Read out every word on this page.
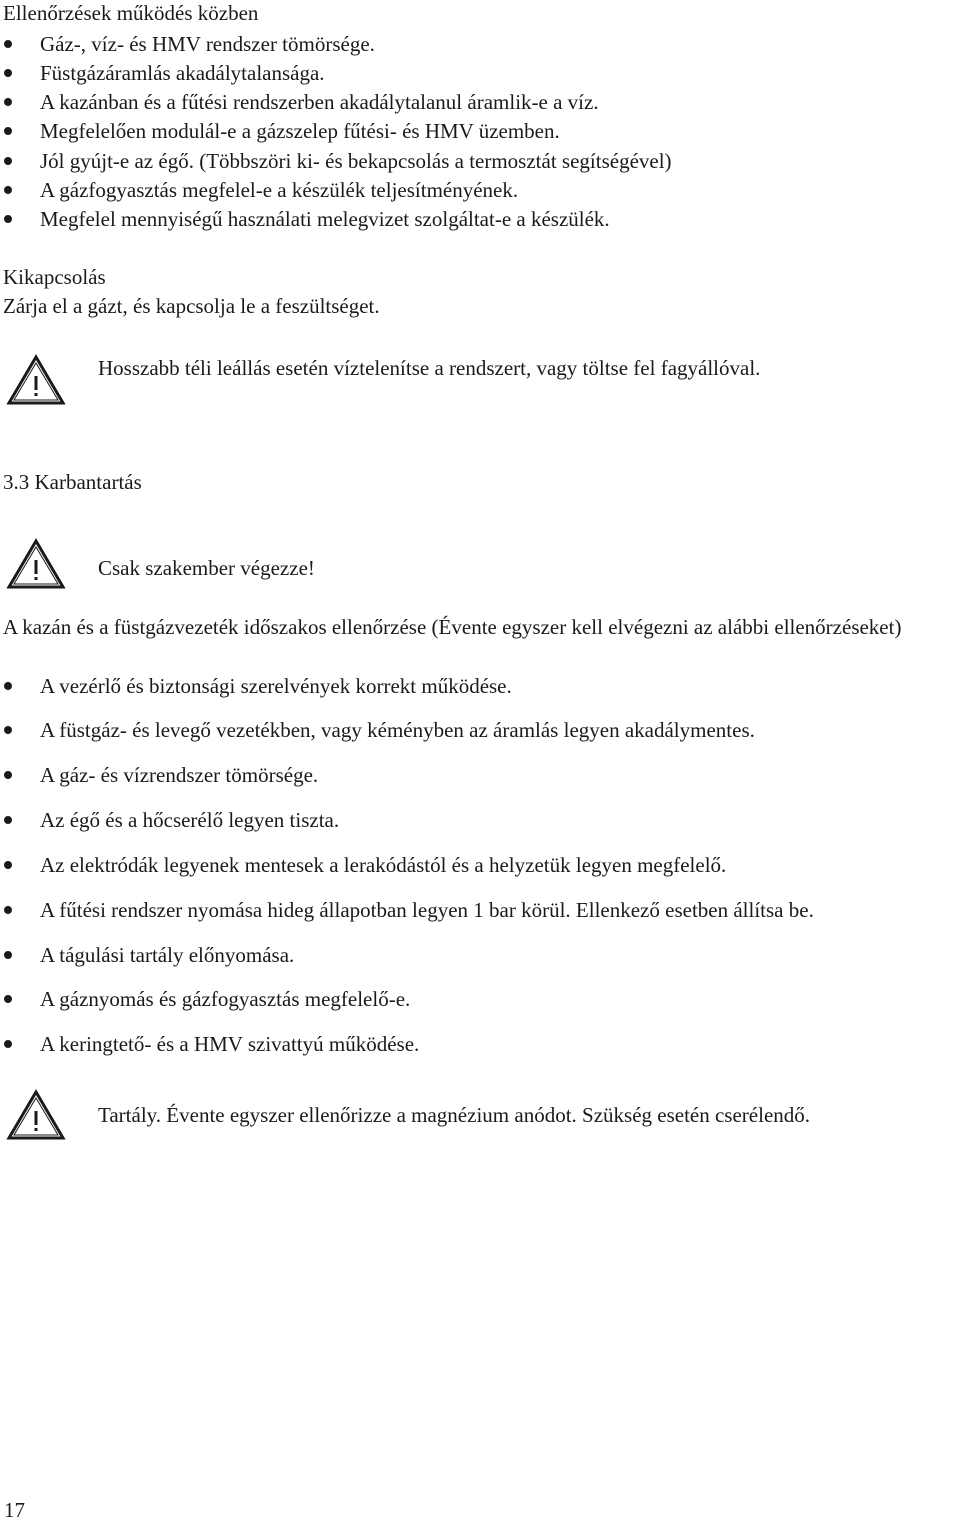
Ellenőrzések működés közben
Gáz-, víz- és HMV rendszer tömörsége.
Füstgázáramlás akadálytalansága.
A kazánban és a fűtési rendszerben akadálytalanul áramlik-e a víz.
Megfelelően modulál-e a gázszelep fűtési- és HMV üzemben.
Jól gyújt-e az égő. (Többszöri ki- és bekapcsolás a termosztát segítségével)
A gázfogyasztás megfelel-e a készülék teljesítményének.
Megfelel mennyiségű használati melegvizet szolgáltat-e a készülék.
Kikapcsolás
Zárja el a gázt, és kapcsolja le a feszültséget.
Hosszabb téli leállás esetén víztelenítse a rendszert, vagy töltse fel fagyállóval.
3.3 Karbantartás
Csak szakember végezze!
A kazán és a füstgázvezeték időszakos ellenőrzése (Évente egyszer kell elvégezni az alábbi ellenőrzéseket)
A vezérlő és biztonsági szerelvények korrekt működése.
A füstgáz- és levegő vezetékben, vagy kéményben az áramlás legyen akadálymentes.
A gáz- és vízrendszer tömörsége.
Az égő és a hőcserélő legyen tiszta.
Az elektródák legyenek mentesek a lerakódástól és a helyzetük legyen megfelelő.
A fűtési rendszer nyomása hideg állapotban legyen 1 bar körül. Ellenkező esetben állítsa be.
A tágulási tartály előnyomása.
A gáznyomás és gázfogyasztás megfelelő-e.
A keringtető- és a HMV szivattyú működése.
Tartály. Évente egyszer ellenőrizze a magnézium anódot. Szükség esetén cserélendő.
17
